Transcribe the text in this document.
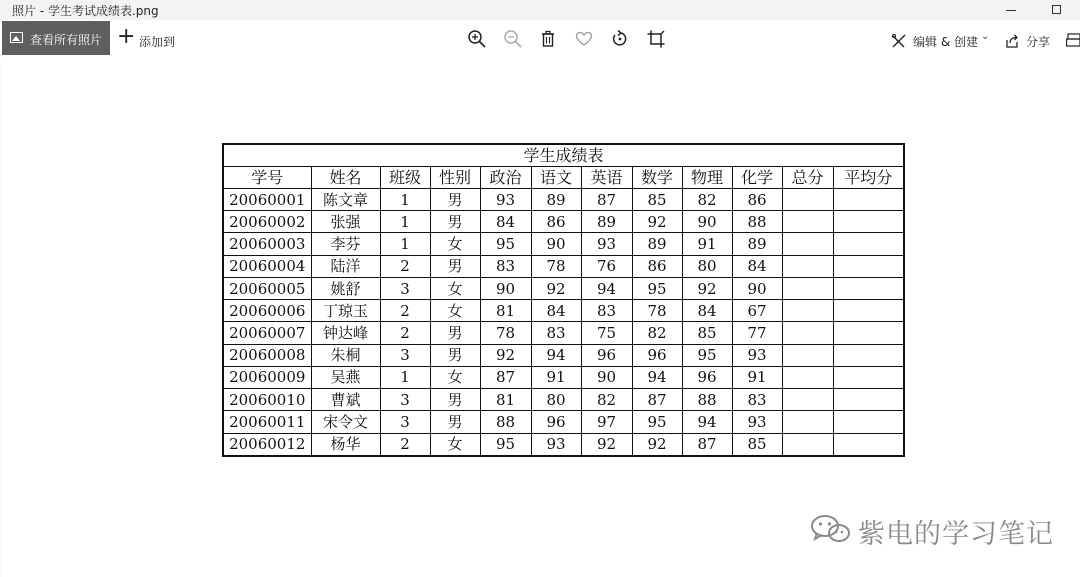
照片 - 学生考试成绩表.png
查看所有照片 + 添加到	编辑 & 创建 ⌄	分享
学生成绩表											
学号	姓名	班级	性别	政治	语文	英语	数学	物理	化学	总分	平均分
20060001	陈文章	1	男	93	89	87	85	82	86		
20060002	张强	1	男	84	86	89	92	90	88		
20060003	李芬	1	女	95	90	93	89	91	89		
20060004	陆洋	2	男	83	78	76	86	80	84		
20060005	姚舒	3	女	90	92	94	95	92	90		
20060006	丁琼玉	2	女	81	84	83	78	84	67		
20060007	钟达峰	2	男	78	83	75	82	85	77		
20060008	朱桐	3	男	92	94	96	96	95	93		
20060009	吴燕	1	女	87	91	90	94	96	91		
20060010	曹斌	3	男	81	80	82	87	88	83		
20060011	宋令文	3	男	88	96	97	95	94	93		
20060012	杨华	2	女	95	93	92	92	87	85		
紫电的学习笔记
